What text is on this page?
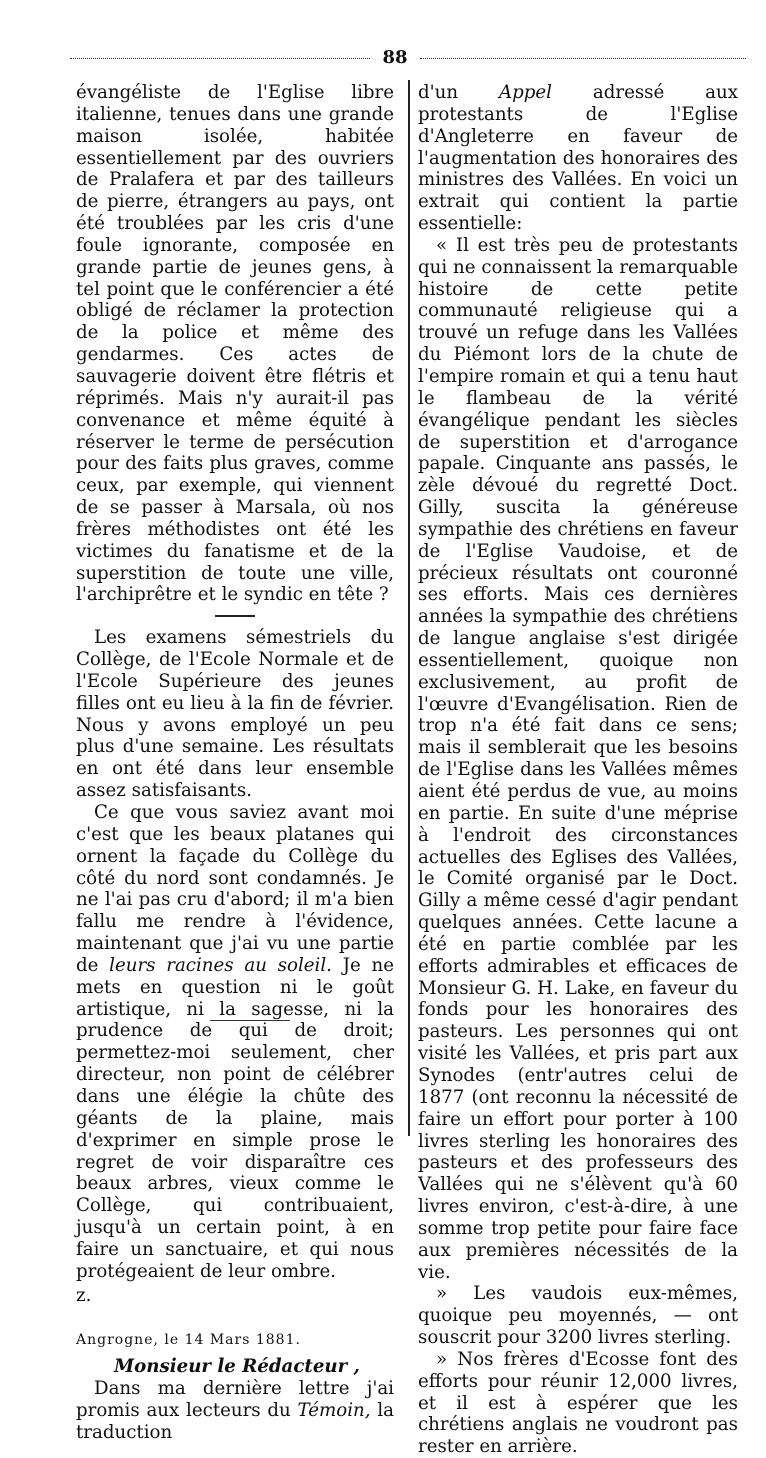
88

évangéliste de l'Eglise libre italienne, tenues dans une grande maison isolée, habitée essentiellement par des ouvriers de Pralafera et par des tailleurs de pierre, étrangers au pays, ont été troublées par les cris d'une foule ignorante, composée en grande partie de jeunes gens, à tel point que le conférencier a été obligé de réclamer la protection de la police et même des gendarmes. Ces actes de sauvagerie doivent être flétris et réprimés. Mais n'y aurait-il pas convenance et même équité à réserver le terme de persécution pour des faits plus graves, comme ceux, par exemple, qui viennent de se passer à Marsala, où nos frères méthodistes ont été les victimes du fanatisme et de la superstition de toute une ville, l'archiprêtre et le syndic en tête ?

Les examens sémestriels du Collège, de l'Ecole Normale et de l'Ecole Supérieure des jeunes filles ont eu lieu à la fin de février. Nous y avons employé un peu plus d'une semaine. Les résultats en ont été dans leur ensemble assez satisfaisants.

Ce que vous saviez avant moi c'est que les beaux platanes qui ornent la façade du Collège du côté du nord sont condamnés. Je ne l'ai pas cru d'abord; il m'a bien fallu me rendre à l'évidence, maintenant que j'ai vu une partie de leurs racines au soleil. Je ne mets en question ni le goût artistique, ni la sagesse, ni la prudence de qui de droit; permettez-moi seulement, cher directeur, non point de célébrer dans une élégie la chûte des géants de la plaine, mais d'exprimer en simple prose le regret de voir disparaître ces beaux arbres, vieux comme le Collège, qui contribuaient, jusqu'à un certain point, à en faire un sanctuaire, et qui nous protégeaient de leur ombre.

z.

Angrogne, le 14 Mars 1881.

Monsieur le Rédacteur ,

Dans ma dernière lettre j'ai promis aux lecteurs du Témoin, la traduction

d'un Appel adressé aux protestants de l'Eglise d'Angleterre en faveur de l'augmentation des honoraires des ministres des Vallées. En voici un extrait qui contient la partie essentielle:

« Il est très peu de protestants qui ne connaissent la remarquable histoire de cette petite communauté religieuse qui a trouvé un refuge dans les Vallées du Piémont lors de la chute de l'empire romain et qui a tenu haut le flambeau de la vérité évangélique pendant les siècles de superstition et d'arrogance papale. Cinquante ans passés, le zèle dévoué du regretté Doct. Gilly, suscita la généreuse sympathie des chrétiens en faveur de l'Eglise Vaudoise, et de précieux résultats ont couronné ses efforts. Mais ces dernières années la sympathie des chrétiens de langue anglaise s'est dirigée essentiellement, quoique non exclusivement, au profit de l'œuvre d'Evangélisation. Rien de trop n'a été fait dans ce sens; mais il semblerait que les besoins de l'Eglise dans les Vallées mêmes aient été perdus de vue, au moins en partie. En suite d'une méprise à l'endroit des circonstances actuelles des Eglises des Vallées, le Comité organisé par le Doct. Gilly a même cessé d'agir pendant quelques années. Cette lacune a été en partie comblée par les efforts admirables et efficaces de Monsieur G. H. Lake, en faveur du fonds pour les honoraires des pasteurs. Les personnes qui ont visité les Vallées, et pris part aux Synodes (entr'autres celui de 1877 (ont reconnu la nécessité de faire un effort pour porter à 100 livres sterling les honoraires des pasteurs et des professeurs des Vallées qui ne s'élèvent qu'à 60 livres environ, c'est-à-dire, à une somme trop petite pour faire face aux premières nécessités de la vie.

» Les vaudois eux-mêmes, quoique peu moyennés, — ont souscrit pour 3200 livres sterling.

» Nos frères d'Ecosse font des efforts pour réunir 12,000 livres, et il est à espérer que les chrétiens anglais ne voudront pas rester en arrière.
